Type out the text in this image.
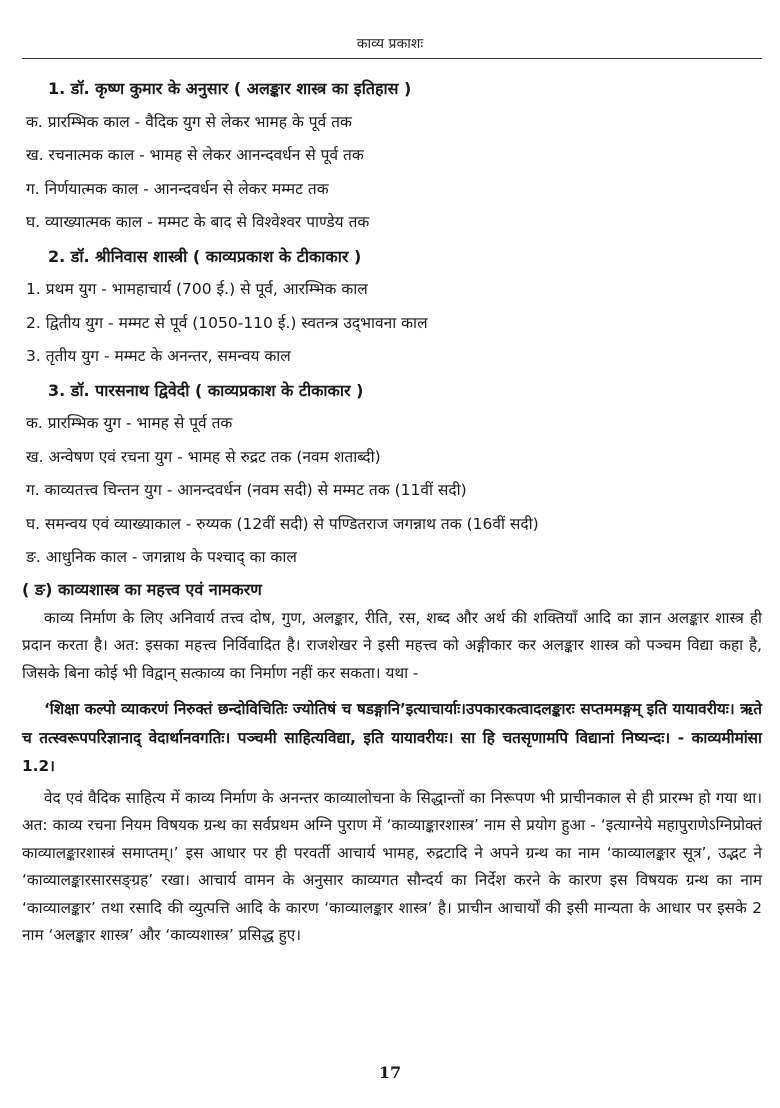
काव्य प्रकाशः
1. डॉ. कृष्ण कुमार के अनुसार ( अलङ्कार शास्त्र का इतिहास )
क. प्रारम्भिक काल - वैदिक युग से लेकर भामह के पूर्व तक
ख. रचनात्मक काल - भामह से लेकर आनन्दवर्धन से पूर्व तक
ग. निर्णयात्मक काल - आनन्दवर्धन से लेकर मम्मट तक
घ. व्याख्यात्मक काल - मम्मट के बाद से विश्वेश्वर पाण्डेय तक
2. डॉ. श्रीनिवास शास्त्री ( काव्यप्रकाश के टीकाकार )
1. प्रथम युग - भामहाचार्य (700 ई.) से पूर्व, आरम्भिक काल
2. द्वितीय युग - मम्मट से पूर्व (1050-110 ई.) स्वतन्त्र उद्‌भावना काल
3. तृतीय युग - मम्मट के अनन्तर, समन्वय काल
3. डॉ. पारसनाथ द्विवेदी ( काव्यप्रकाश के टीकाकार )
क. प्रारम्भिक युग - भामह से पूर्व तक
ख. अन्वेषण एवं रचना युग - भामह से रुद्रट तक (नवम शताब्दी)
ग. काव्यतत्त्व चिन्तन युग - आनन्दवर्धन (नवम सदी) से मम्मट तक (11वीं सदी)
घ. समन्वय एवं व्याख्याकाल - रुय्यक (12वीं सदी) से पण्डितराज जगन्नाथ तक (16वीं सदी)
ङ. आधुनिक काल - जगन्नाथ के पश्चाद् का काल
( ङ) काव्यशास्त्र का महत्त्व एवं नामकरण

काव्य निर्माण के लिए अनिवार्य तत्त्व दोष, गुण, अलङ्कार, रीति, रस, शब्द और अर्थ की शक्तियाँ आदि का ज्ञान अलङ्कार शास्त्र ही प्रदान करता है। अत: इसका महत्त्व निर्विवादित है। राजशेखर ने इसी महत्त्व को अङ्गीकार कर अलङ्कार शास्त्र को पञ्चम विद्या कहा है, जिसके बिना कोई भी विद्वान् सत्काव्य का निर्माण नहीं कर सकता। यथा -

‘शिक्षा कल्पो व्याकरणं निरुक्तं छन्दोविचितिः ज्योतिषं च षडङ्गानि’इत्याचार्याः।उपकारकत्वादलङ्कारः सप्तममङ्गम् इति यायावरीयः। ऋते च तत्स्वरूपपरिज्ञानाद् वेदार्थानवगतिः। पञ्चमी साहित्यविद्या, इति यायावरीयः। सा हि चतसृणामपि विद्यानां निष्यन्दः। - काव्यमीमांसा 1.2।

वेद एवं वैदिक साहित्य में काव्य निर्माण के अनन्तर काव्यालोचना के सिद्धान्तों का निरूपण भी प्राचीनकाल से ही प्रारम्भ हो गया था। अत: काव्य रचना नियम विषयक ग्रन्थ का सर्वप्रथम अग्नि पुराण में ‘काव्याङ्कारशास्त्र’ नाम से प्रयोग हुआ - ‘इत्याग्नेये महापुराणेऽग्निप्रोक्तं काव्यालङ्कारशास्त्रं समाप्तम्।’ इस आधार पर ही परवर्ती आचार्य भामह, रुद्रटादि ने अपने ग्रन्थ का नाम ‘काव्यालङ्कार सूत्र’, उद्भट ने ‘काव्यालङ्कारसारसङ्ग्रह’ रखा। आचार्य वामन के अनुसार काव्यगत सौन्दर्य का निर्देश करने के कारण इस विषयक ग्रन्थ का नाम ‘काव्यालङ्कार’ तथा रसादि की व्युत्पत्ति आदि के कारण ‘काव्यालङ्कार शास्त्र’ है। प्राचीन आचार्यों की इसी मान्यता के आधार पर इसके 2 नाम ‘अलङ्कार शास्त्र’ और ‘काव्यशास्त्र’ प्रसिद्ध हुए।

17
